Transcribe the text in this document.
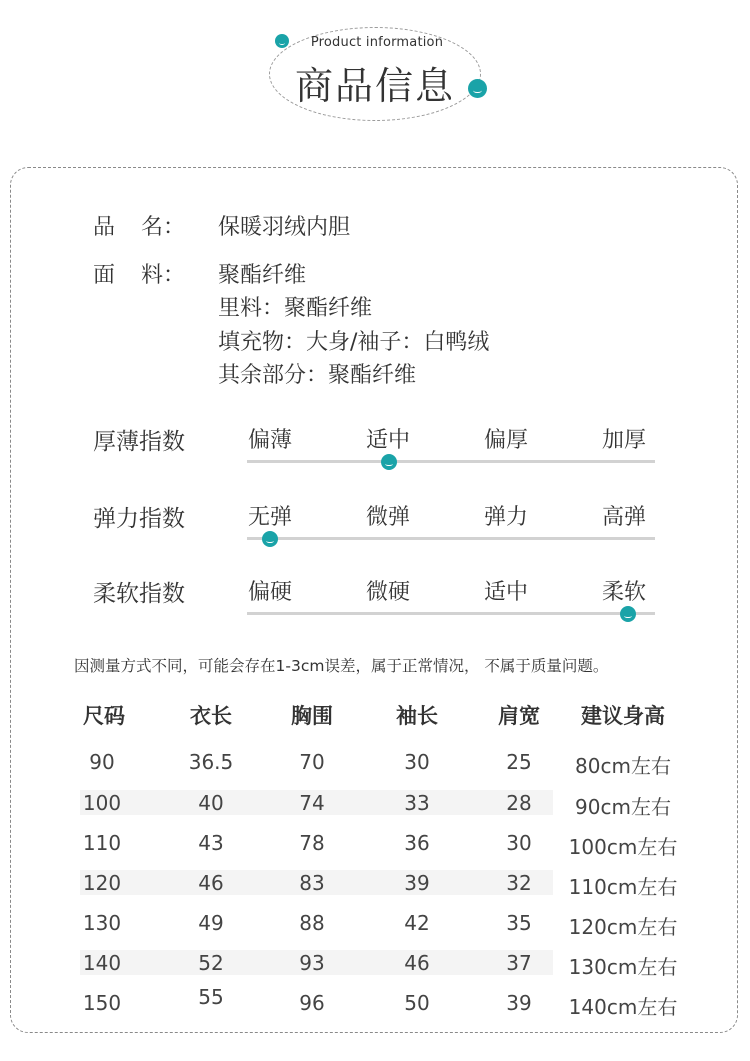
Product information
商品信息
品 名：	保暖羽绒内胆
面 料：	聚酯纤维
里料：聚酯纤维
填充物：大身/袖子：白鸭绒
其余部分：聚酯纤维
厚薄指数	偏薄	适中	偏厚	加厚
弹力指数	无弹	微弹	弹力	高弹
柔软指数	偏硬	微硬	适中	柔软
因测量方式不同，可能会存在1-3cm误差，属于正常情况， 不属于质量问题。
尺码	衣长	胸围	袖长	肩宽	建议身高
90	36.5	70	30	25	80cm左右
100	40	74	33	28	90cm左右
110	43	78	36	30	100cm左右
120	46	83	39	32	110cm左右
130	49	88	42	35	120cm左右
140	52	93	46	37	130cm左右
150	55	96	50	39	140cm左右
